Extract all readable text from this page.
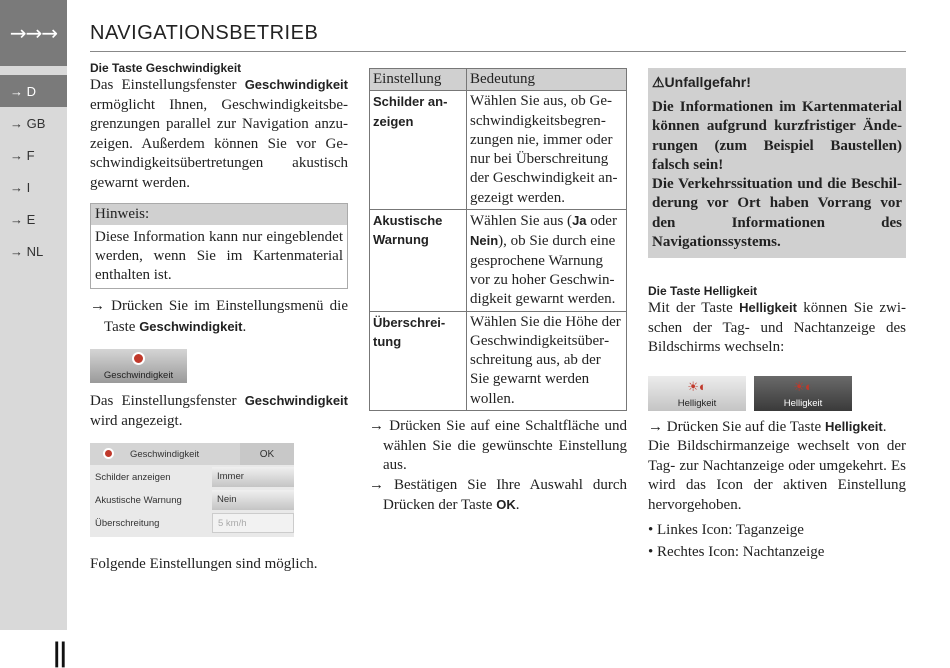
→→→
→ D
→ GB
→ F
→ I
→ E
→ NL
NAVIGATIONSBETRIEB
Die Taste Geschwindigkeit
Das Einstellungsfenster Geschwindigkeit ermöglicht Ihnen, Geschwindigkeitsbegrenzungen parallel zur Navigation anzuzeigen. Außerdem können Sie vor Geschwindigkeitsübertretungen akustisch gewarnt werden.
Hinweis:
Diese Information kann nur eingeblendet werden, wenn Sie im Kartenmaterial enthalten ist.
→ Drücken Sie im Einstellungsmenü die Taste Geschwindigkeit.
Geschwindigkeit
Das Einstellungsfenster Geschwindigkeit wird angezeigt.
Geschwindigkeit	OK
Schilder anzeigen	Immer
Akustische Warnung	Nein
Überschreitung	5 km/h
Folgende Einstellungen sind möglich.
Einstellung	Bedeutung
Schilder anzeigen	Wählen Sie aus, ob Geschwindigkeitsbegrenzungen nie, immer oder nur bei Überschreitung der Geschwindigkeit angezeigt werden.
Akustische Warnung	Wählen Sie aus (Ja oder Nein), ob Sie durch eine gesprochene Warnung vor zu hoher Geschwindigkeit gewarnt werden.
Überschreitung	Wählen Sie die Höhe der Geschwindigkeitsüberschreitung aus, ab der Sie gewarnt werden wollen.
→ Drücken Sie auf eine Schaltfläche und wählen Sie die gewünschte Einstellung aus.
→ Bestätigen Sie Ihre Auswahl durch Drücken der Taste OK.
⚠Unfallgefahr!
Die Informationen im Kartenmaterial können aufgrund kurzfristiger Änderungen (zum Beispiel Baustellen) falsch sein!
Die Verkehrssituation und die Beschilderung vor Ort haben Vorrang vor den Informationen des Navigationssystems.
Die Taste Helligkeit
Mit der Taste Helligkeit können Sie zwischen der Tag- und Nachtanzeige des Bildschirms wechseln:
☀◐
Helligkeit
☀◐
Helligkeit
→ Drücken Sie auf die Taste Helligkeit.
Die Bildschirmanzeige wechselt von der Tag- zur Nachtanzeige oder umgekehrt. Es wird das Icon der aktiven Einstellung hervorgehoben.
• Linkes Icon: Taganzeige
• Rechtes Icon: Nachtanzeige
||
